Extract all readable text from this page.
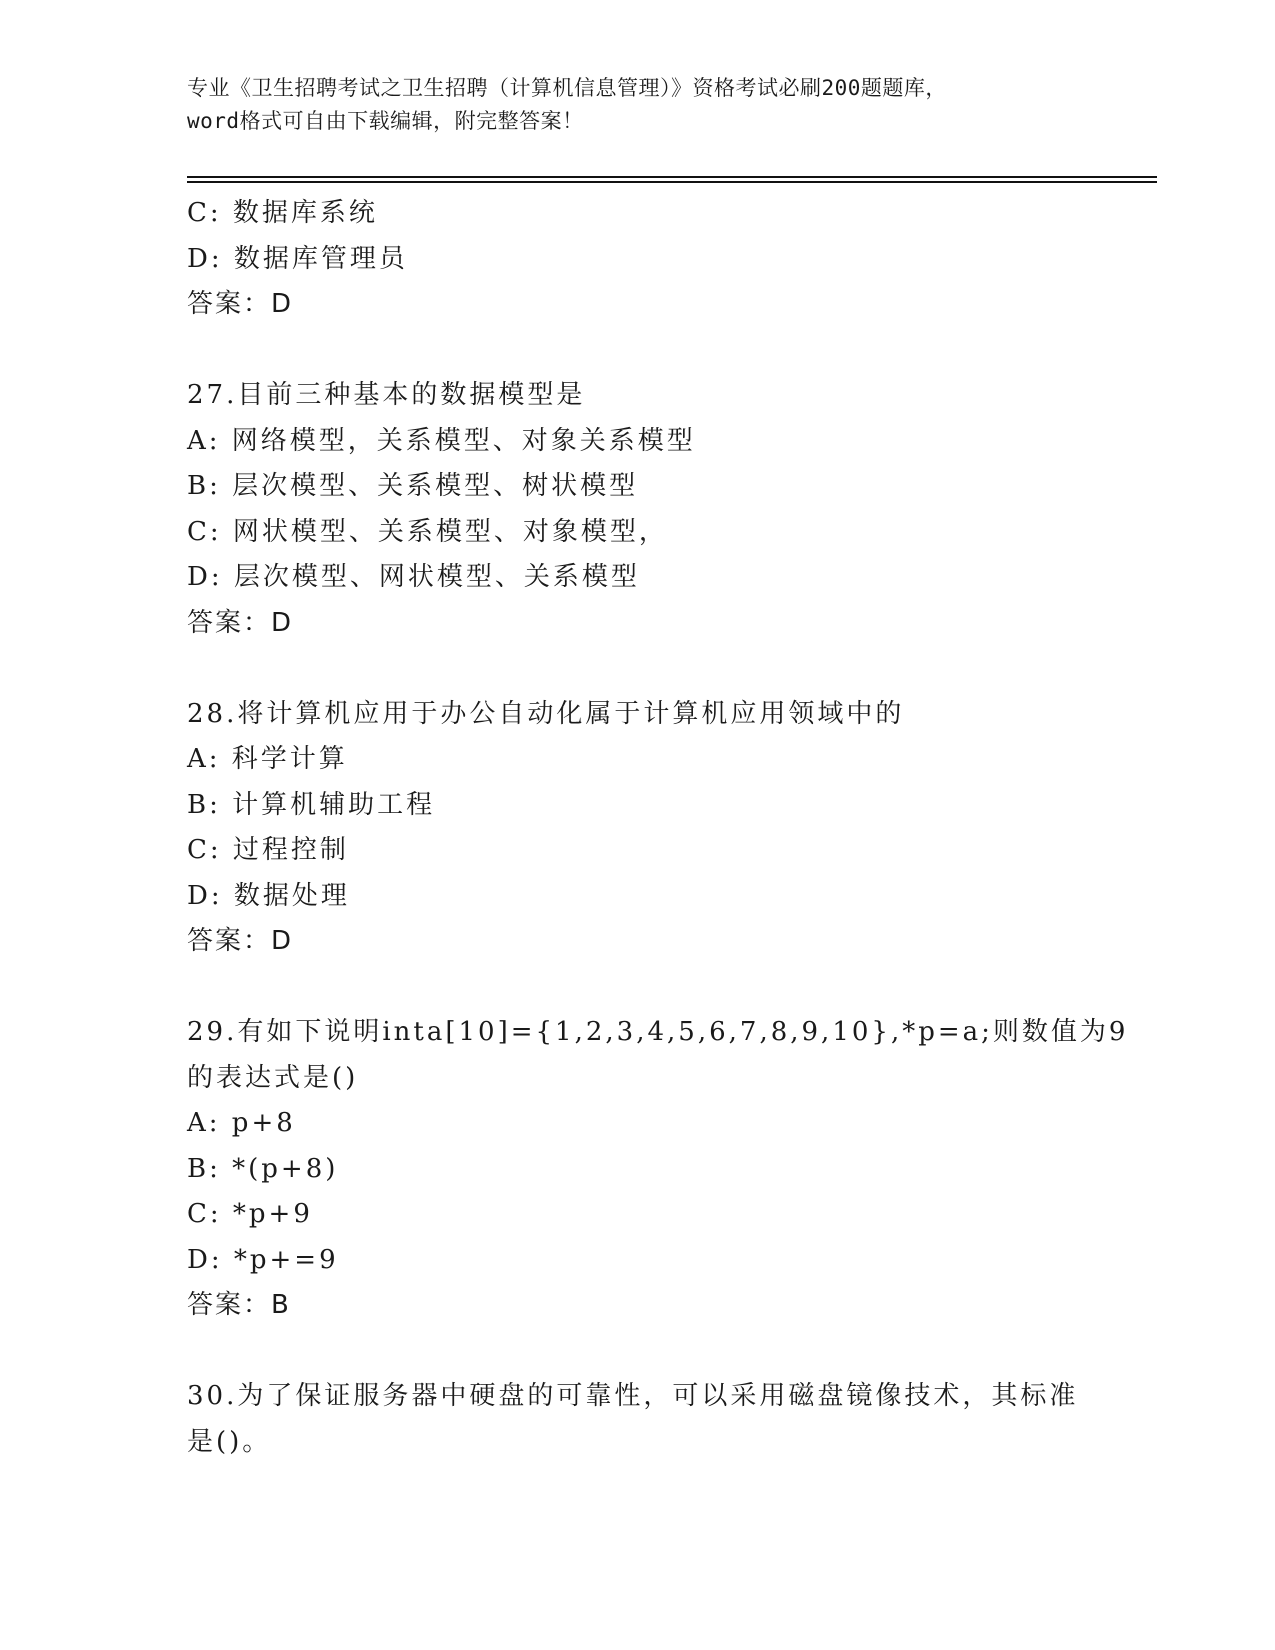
专业《卫生招聘考试之卫生招聘（计算机信息管理）》资格考试必刷200题题库，
word格式可自由下载编辑，附完整答案！
C: 数据库系统
D: 数据库管理员
答案：D
27.目前三种基本的数据模型是
A: 网络模型，关系模型、对象关系模型
B: 层次模型、关系模型、树状模型
C: 网状模型、关系模型、对象模型，
D: 层次模型、网状模型、关系模型
答案：D
28.将计算机应用于办公自动化属于计算机应用领域中的
A: 科学计算
B: 计算机辅助工程
C: 过程控制
D: 数据处理
答案：D
29.有如下说明inta[10]={1,2,3,4,5,6,7,8,9,10},*p=a;则数值为9
的表达式是()
A: p+8
B: *(p+8)
C: *p+9
D: *p+=9
答案：B
30.为了保证服务器中硬盘的可靠性，可以采用磁盘镜像技术，其标准
是()。
